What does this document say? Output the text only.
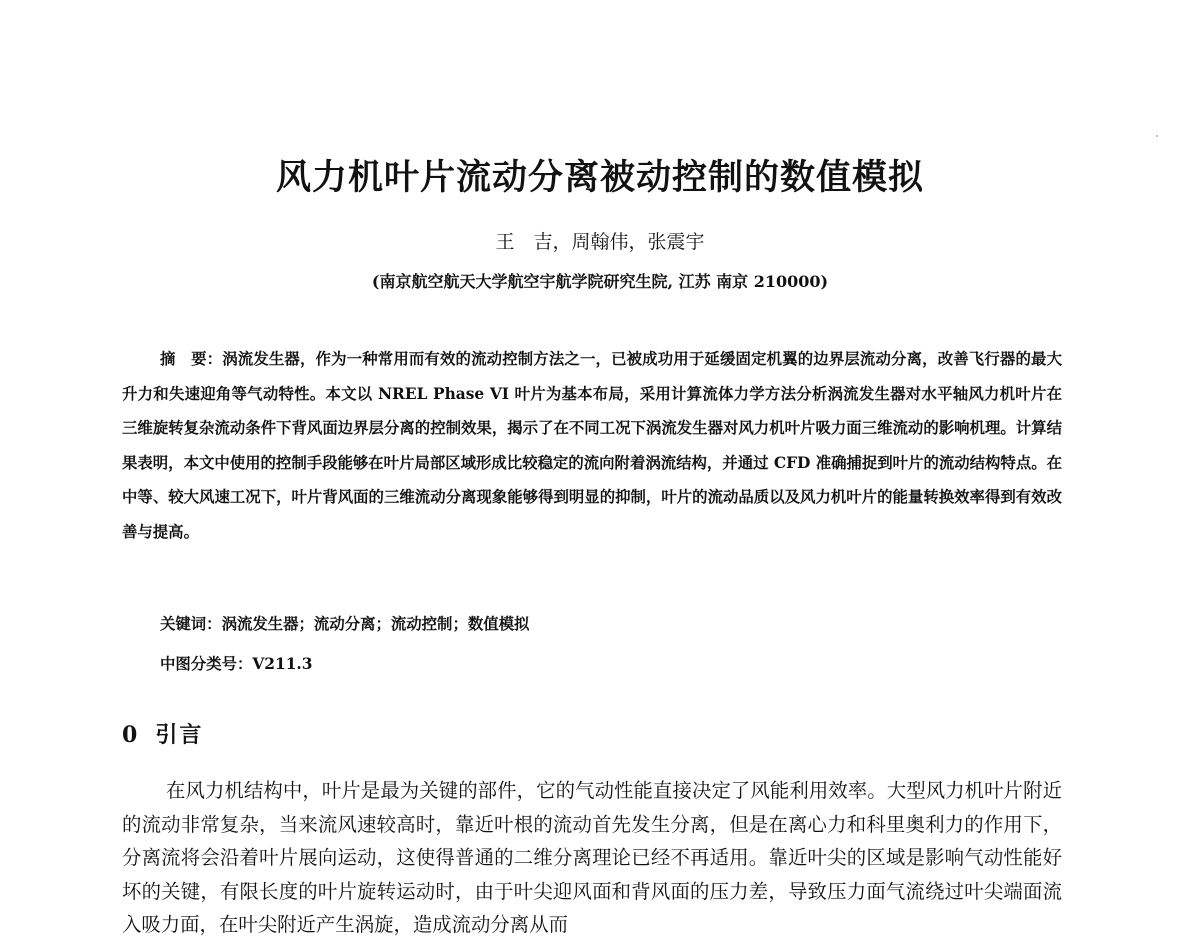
风力机叶片流动分离被动控制的数值模拟
王　吉，周翰伟，张震宇
(南京航空航天大学航空宇航学院研究生院, 江苏 南京 210000)

摘　要：涡流发生器，作为一种常用而有效的流动控制方法之一，已被成功用于延缓固定机翼的边界层流动分离，改善飞行器的最大升力和失速迎角等气动特性。本文以 NREL Phase VI 叶片为基本布局，采用计算流体力学方法分析涡流发生器对水平轴风力机叶片在三维旋转复杂流动条件下背风面边界层分离的控制效果，揭示了在不同工况下涡流发生器对风力机叶片吸力面三维流动的影响机理。计算结果表明，本文中使用的控制手段能够在叶片局部区域形成比较稳定的流向附着涡流结构，并通过 CFD 准确捕捉到叶片的流动结构特点。在中等、较大风速工况下，叶片背风面的三维流动分离现象能够得到明显的抑制，叶片的流动品质以及风力机叶片的能量转换效率得到有效改善与提高。

关键词：涡流发生器；流动分离；流动控制；数值模拟
中图分类号：V211.3
0 引言

在风力机结构中，叶片是最为关键的部件，它的气动性能直接决定了风能利用效率。大型风力机叶片附近的流动非常复杂，当来流风速较高时，靠近叶根的流动首先发生分离，但是在离心力和科里奥利力的作用下，分离流将会沿着叶片展向运动，这使得普通的二维分离理论已经不再适用。靠近叶尖的区域是影响气动性能好坏的关键，有限长度的叶片旋转运动时，由于叶尖迎风面和背风面的压力差，导致压力面气流绕过叶尖端面流入吸力面，在叶尖附近产生涡旋，造成流动分离从而
